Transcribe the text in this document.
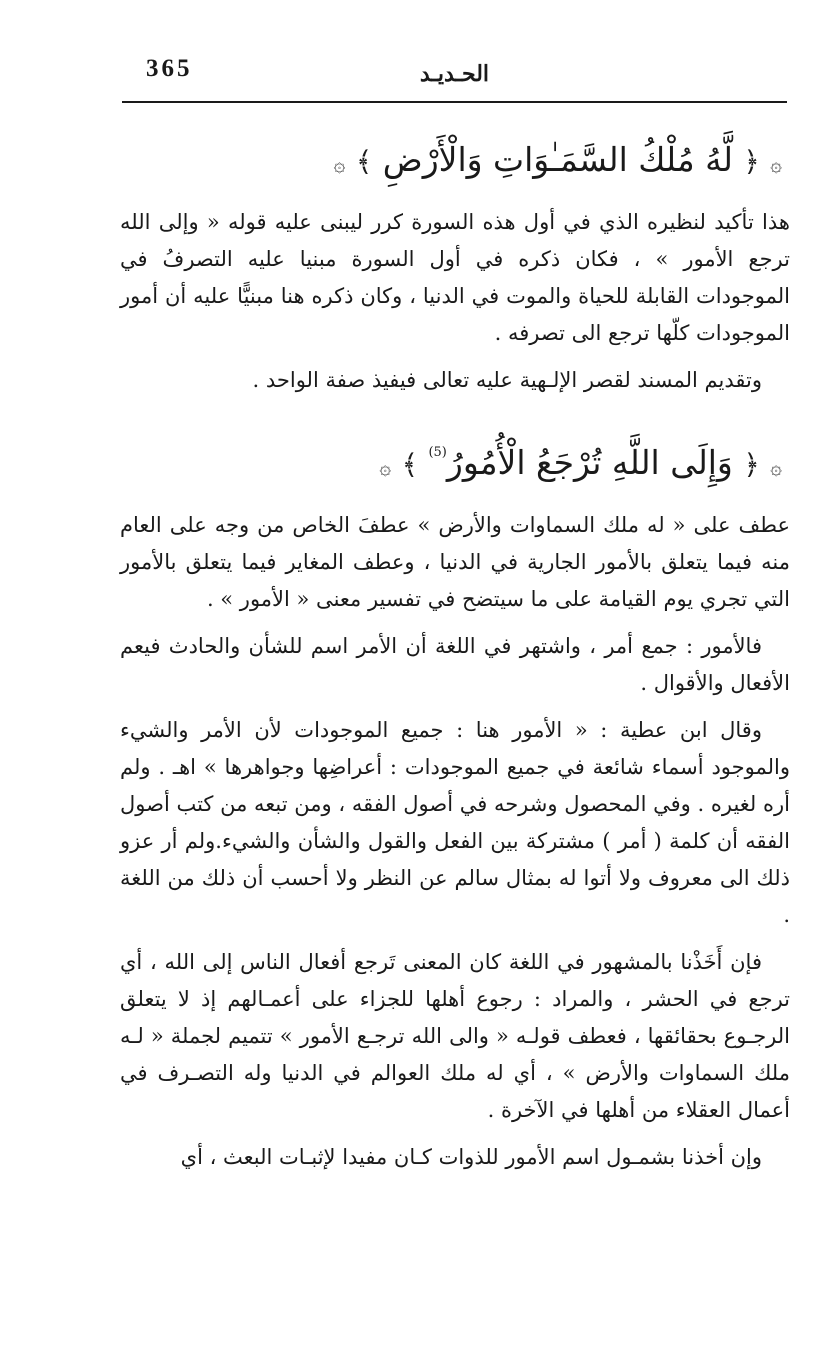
365	الحـديـد
۞ ﴿ لَّهُ مُلْكُ السَّمَـٰوَاتِ وَالْأَرْضِ ﴾ ۞

هذا تأكيد لنظيره الذي في أول هذه السورة كرر ليبنى عليه قوله « وإلى الله ترجع الأمور » ، فكان ذكره في أول السورة مبنيا عليه التصرفُ في الموجودات القابلة للحياة والموت في الدنيا ، وكان ذكره هنا مبنيًّا عليه أن أمور الموجودات كلّها ترجع الى تصرفه .

وتقديم المسند لقصر الإلـهية عليه تعالى فيفيذ صفة الواحد .

۞ ﴿ وَإِلَى اللَّهِ تُرْجَعُ الْأُمُورُ$^{(5)}$ ﴾ ۞

عطف على « له ملك السماوات والأرض » عطفَ الخاص من وجه على العام منه فيما يتعلق بالأمور الجارية في الدنيا ، وعطف المغاير فيما يتعلق بالأمور التي تجري يوم القيامة على ما سيتضح في تفسير معنى « الأمور » .

فالأمور : جمع أمر ، واشتهر في اللغة أن الأمر اسم للشأن والحادث فيعم الأفعال والأقوال .

وقال ابن عطية : « الأمور هنا : جميع الموجودات لأن الأمر والشيء والموجود أسماء شائعة في جميع الموجودات : أعراضِها وجواهرها » اهـ . ولم أره لغيره . وفي المحصول وشرحه في أصول الفقه ، ومن تبعه من كتب أصول الفقه أن كلمة ( أمر ) مشتركة بين الفعل والقول والشأن والشيء.ولم أر عزو ذلك الى معروف ولا أتوا له بمثال سالم عن النظر ولا أحسب أن ذلك من اللغة .

فإن أَخَذْنا بالمشهور في اللغة كان المعنى تَرجع أفعال الناس إلى الله ، أي ترجع في الحشر ، والمراد : رجوع أهلها للجزاء على أعمـالهم إذ لا يتعلق الرجـوع بحقائقها ، فعطف قولـه « والى الله ترجـع الأمور » تتميم لجملة « لـه ملك السماوات والأرض » ، أي له ملك العوالم في الدنيا وله التصـرف في أعمال العقلاء من أهلها في الآخرة .

وإن أخذنا بشمـول اسم الأمور للذوات كـان مفيدا لإثبـات البعث ، أي
